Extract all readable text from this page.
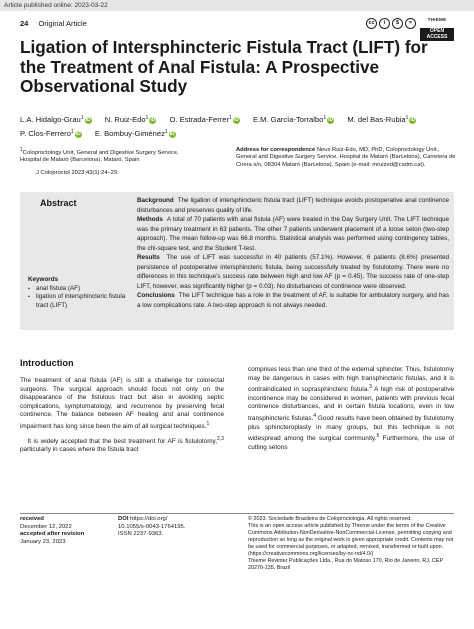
Article published online: 2023-03-22
24 Original Article	cc	i	$	=
THIEME
OPEN
ACCESS
Ligation of Intersphincteric Fistula Tract (LIFT) for the Treatment of Anal Fistula: A Prospective Observational Study
L.A. Hidalgo-Grau$^1$ iD N. Ruiz-Edo$^1$ iD O. Estrada-Ferrer$^1$ iD E.M. García-Torralbo$^1$ iD M. del Bas-Rubia$^1$ iD
P. Clos-Ferrero$^1$ iD E. Bombuy-Giménez$^1$ iD
1Coloproctology Unit, General and Digestive Surgery Service,
Hospital de Mataró (Barcelona), Mataró, Spain
J Coloproctol 2023;43(1):24–29.
Address for correspondence Neus Ruiz-Edo, MD, PhD, Coloproctology Unit., General and Digestive Surgery Service, Hospital de Mataró (Barcelona), Carretera de Cirera s/n, 08304 Mataró (Barcelona), Spain (e-mail: mruized@csdm.cat).
Abstract	Background The ligation of intersphincteric fistula tract (LIFT) technique avoids postoperative anal continence disturbances and preserves quality of life.
Methods A total of 70 patients with anal fistula (AF) were treated in the Day Surgery Unit. The LIFT technique was the primary treatment in 63 patients. The other 7 patients underwent placement of a loose seton (two-step approach). The mean follow-up was 66.8 months. Statistical analysis was performed using contingency tables, the chi-square test, and the Student T-test.
Results The use of LIFT was successful in 40 patients (57.1%). However, 6 patients (8.6%) presented persistence of postoperative intersphincteric fistula, being successfully treated by fistulotomy. There were no differences in this technique's success rate between high and low AF (p = 0.45). The success rate of one-step LIFT, however, was significantly higher (p = 0.03). No disturbances of continence were observed.
Conclusions The LIFT technique has a role in the treatment of AF, is suitable for ambulatory surgery, and has a low complications rate. A two-step approach is not always needed.
Keywords
▪ anal fistula (AF)
▪ ligation of intersphincteric fistula tract (LIFT)
Introduction

The treatment of anal fistula (AF) is still a challenge for colorectal surgeons. The surgical approach should focus not only on the disappearance of the fistulous tract but also in avoiding septic complications, symptomatology, and recurrence by preserving fecal continence. The balance between AF healing and anal continence impairment has long since been the aim of all surgical techniques.$^1$

It is widely accepted that the best treatment for AF is fistulotomy,$^{2,3}$ particularly in cases where the fistula tract

comprises less than one third of the external sphincter. Thus, fistulotomy may be dangerous in cases with high transphincteric fistulas, and it is contraindicated in suprasphincteric fistula.$^3$ A high risk of postoperative incontinence may be considered in women, patients with previous fecal continence disturbances, and in certain fistula locations, even in low transphincteric fistulas.$^4$ Good results have been obtained by fistulotomy plus sphincteroplasty in many groups, but this technique is not widespread among the surgical community.$^5$ Furthermore, the use of cutting setons
received
December 12, 2022
accepted after revision
January 23, 2023
DOI https://doi.org/
10.1055/s-0043-1764195.
ISSN 2237-9363.
© 2023. Sociedade Brasileira de Coloproctologia. All rights reserved.
This is an open access article published by Thieme under the terms of the Creative Commons Attribution-NonDerivative-NonCommercial-License, permitting copying and reproduction so long as the original work is given appropriate credit. Contents may not be used for commercial purposes, or adapted, remixed, transformed or built upon. (https://creativecommons.org/licenses/by-nc-nd/4.0/)
Thieme Revinter Publicações Ltda., Rua do Matoso 170, Rio de Janeiro, RJ, CEP 20270-135, Brazil
